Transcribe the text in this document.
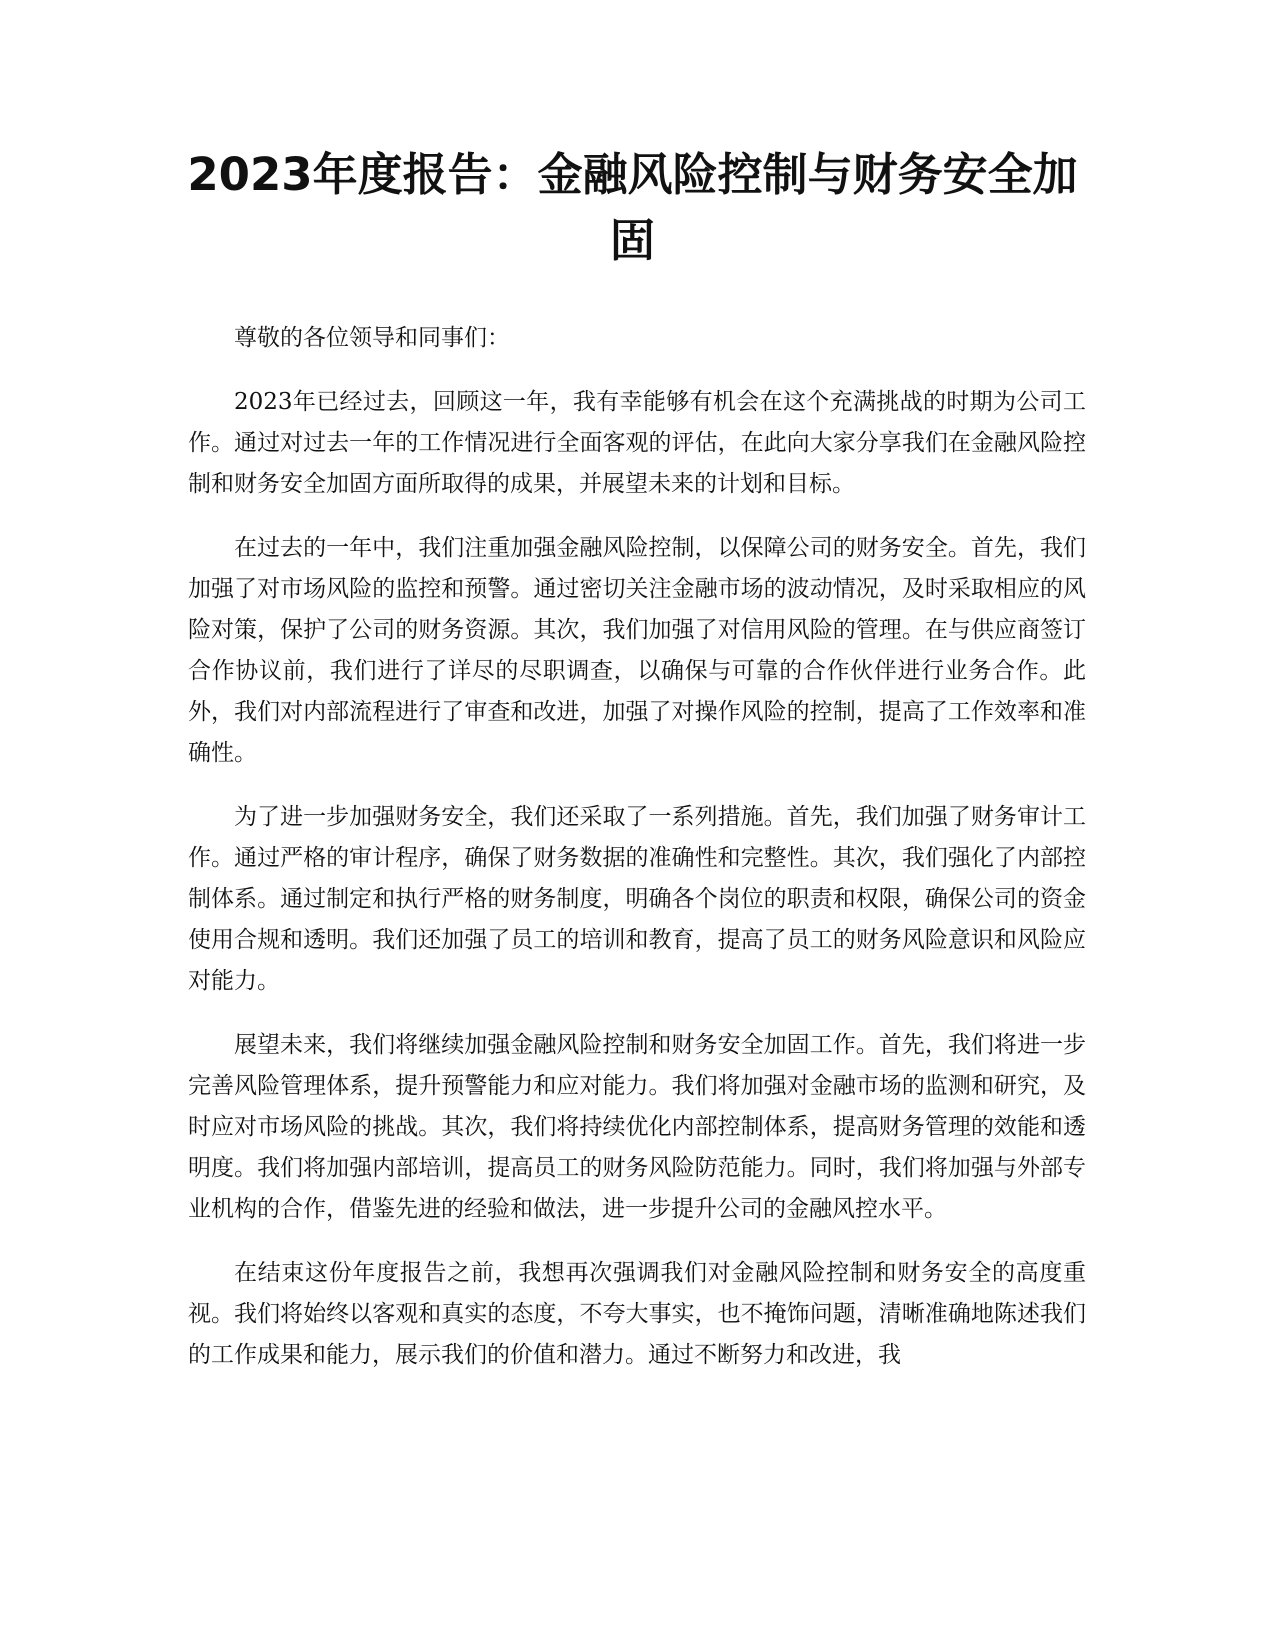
2023年度报告：金融风险控制与财务安全加固

尊敬的各位领导和同事们：

2023年已经过去，回顾这一年，我有幸能够有机会在这个充满挑战的时期为公司工作。通过对过去一年的工作情况进行全面客观的评估，在此向大家分享我们在金融风险控制和财务安全加固方面所取得的成果，并展望未来的计划和目标。

在过去的一年中，我们注重加强金融风险控制，以保障公司的财务安全。首先，我们加强了对市场风险的监控和预警。通过密切关注金融市场的波动情况，及时采取相应的风险对策，保护了公司的财务资源。其次，我们加强了对信用风险的管理。在与供应商签订合作协议前，我们进行了详尽的尽职调查，以确保与可靠的合作伙伴进行业务合作。此外，我们对内部流程进行了审查和改进，加强了对操作风险的控制，提高了工作效率和准确性。

为了进一步加强财务安全，我们还采取了一系列措施。首先，我们加强了财务审计工作。通过严格的审计程序，确保了财务数据的准确性和完整性。其次，我们强化了内部控制体系。通过制定和执行严格的财务制度，明确各个岗位的职责和权限，确保公司的资金使用合规和透明。我们还加强了员工的培训和教育，提高了员工的财务风险意识和风险应对能力。

展望未来，我们将继续加强金融风险控制和财务安全加固工作。首先，我们将进一步完善风险管理体系，提升预警能力和应对能力。我们将加强对金融市场的监测和研究，及时应对市场风险的挑战。其次，我们将持续优化内部控制体系，提高财务管理的效能和透明度。我们将加强内部培训，提高员工的财务风险防范能力。同时，我们将加强与外部专业机构的合作，借鉴先进的经验和做法，进一步提升公司的金融风控水平。

在结束这份年度报告之前，我想再次强调我们对金融风险控制和财务安全的高度重视。我们将始终以客观和真实的态度，不夸大事实，也不掩饰问题，清晰准确地陈述我们的工作成果和能力，展示我们的价值和潜力。通过不断努力和改进，我
